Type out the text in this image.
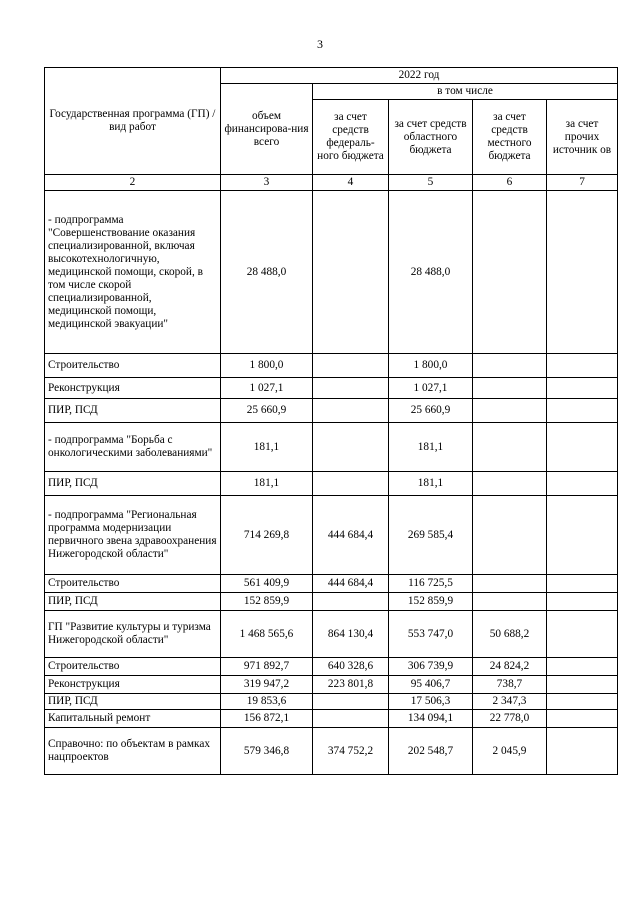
3
Государственная программа (ГП) / вид работ	2022 год				
	объем финансирова-ния всего	в том числе			
		за счет средств федераль-ного бюджета	за счет средств областного бюджета	за счет средств местного бюджета	за счет прочих источник ов
2	3	4	5	6	7
- подпрограмма "Совершенствование оказания специализированной, включая высокотехнологичную, медицинской помощи, скорой, в том числе скорой специализированной, медицинской помощи, медицинской эвакуации"	28 488,0		28 488,0		
Строительство	1 800,0		1 800,0		
Реконструкция	1 027,1		1 027,1		
ПИР, ПСД	25 660,9		25 660,9		
- подпрограмма "Борьба с онкологическими заболеваниями"	181,1		181,1		
ПИР, ПСД	181,1		181,1		
- подпрограмма "Региональная программа модернизации первичного звена здравоохранения Нижегородской области"	714 269,8	444 684,4	269 585,4		
Строительство	561 409,9	444 684,4	116 725,5		
ПИР, ПСД	152 859,9		152 859,9		
ГП "Развитие культуры и туризма Нижегородской области"	1 468 565,6	864 130,4	553 747,0	50 688,2	
Строительство	971 892,7	640 328,6	306 739,9	24 824,2	
Реконструкция	319 947,2	223 801,8	95 406,7	738,7	
ПИР, ПСД	19 853,6		17 506,3	2 347,3	
Капитальный ремонт	156 872,1		134 094,1	22 778,0	
Справочно: по объектам в рамках нацпроектов	579 346,8	374 752,2	202 548,7	2 045,9	
